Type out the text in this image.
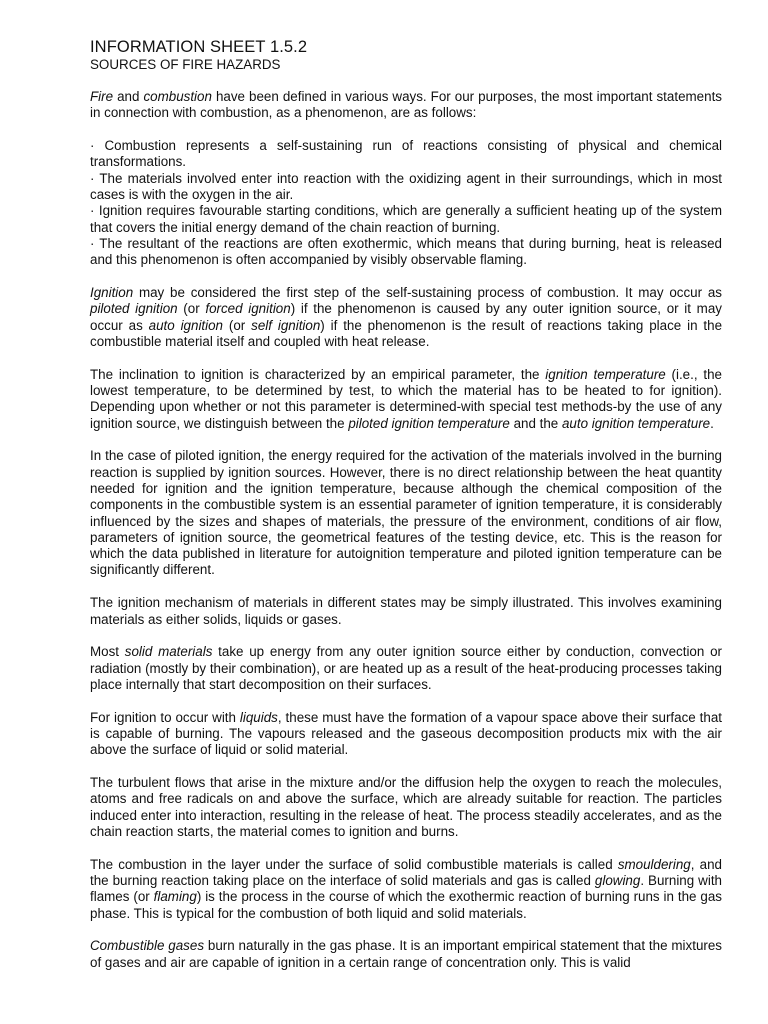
INFORMATION SHEET 1.5.2
SOURCES OF FIRE HAZARDS

Fire and combustion have been defined in various ways. For our purposes, the most important statements in connection with combustion, as a phenomenon, are as follows:

· Combustion represents a self-sustaining run of reactions consisting of physical and chemical transformations.
· The materials involved enter into reaction with the oxidizing agent in their surroundings, which in most cases is with the oxygen in the air.
· Ignition requires favourable starting conditions, which are generally a sufficient heating up of the system that covers the initial energy demand of the chain reaction of burning.
· The resultant of the reactions are often exothermic, which means that during burning, heat is released and this phenomenon is often accompanied by visibly observable flaming.

Ignition may be considered the first step of the self-sustaining process of combustion. It may occur as piloted ignition (or forced ignition) if the phenomenon is caused by any outer ignition source, or it may occur as auto ignition (or self ignition) if the phenomenon is the result of reactions taking place in the combustible material itself and coupled with heat release.

The inclination to ignition is characterized by an empirical parameter, the ignition temperature (i.e., the lowest temperature, to be determined by test, to which the material has to be heated to for ignition). Depending upon whether or not this parameter is determined-with special test methods-by the use of any ignition source, we distinguish between the piloted ignition temperature and the auto ignition temperature.

In the case of piloted ignition, the energy required for the activation of the materials involved in the burning reaction is supplied by ignition sources. However, there is no direct relationship between the heat quantity needed for ignition and the ignition temperature, because although the chemical composition of the components in the combustible system is an essential parameter of ignition temperature, it is considerably influenced by the sizes and shapes of materials, the pressure of the environment, conditions of air flow, parameters of ignition source, the geometrical features of the testing device, etc. This is the reason for which the data published in literature for autoignition temperature and piloted ignition temperature can be significantly different.

The ignition mechanism of materials in different states may be simply illustrated. This involves examining materials as either solids, liquids or gases.

Most solid materials take up energy from any outer ignition source either by conduction, convection or radiation (mostly by their combination), or are heated up as a result of the heat-producing processes taking place internally that start decomposition on their surfaces.

For ignition to occur with liquids, these must have the formation of a vapour space above their surface that is capable of burning. The vapours released and the gaseous decomposition products mix with the air above the surface of liquid or solid material.

The turbulent flows that arise in the mixture and/or the diffusion help the oxygen to reach the molecules, atoms and free radicals on and above the surface, which are already suitable for reaction. The particles induced enter into interaction, resulting in the release of heat. The process steadily accelerates, and as the chain reaction starts, the material comes to ignition and burns.

The combustion in the layer under the surface of solid combustible materials is called smouldering, and the burning reaction taking place on the interface of solid materials and gas is called glowing. Burning with flames (or flaming) is the process in the course of which the exothermic reaction of burning runs in the gas phase. This is typical for the combustion of both liquid and solid materials.

Combustible gases burn naturally in the gas phase. It is an important empirical statement that the mixtures of gases and air are capable of ignition in a certain range of concentration only. This is valid
